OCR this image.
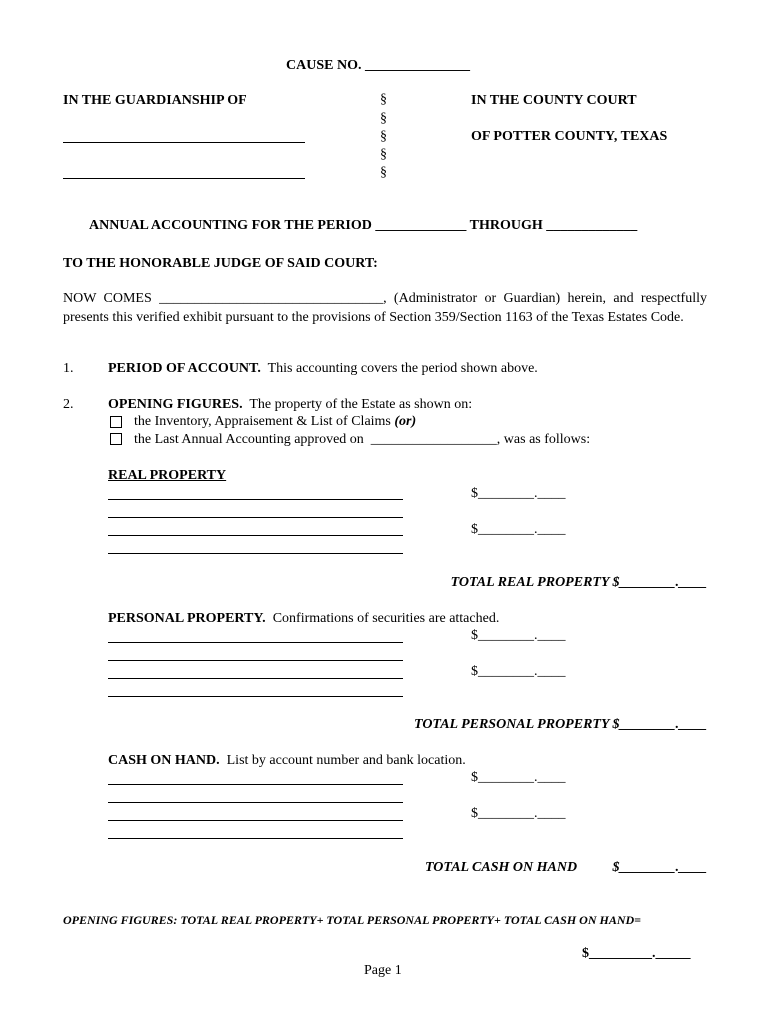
CAUSE NO. _______________
IN THE GUARDIANSHIP OF	§
§
§
§
§
IN THE COUNTY COURT
OF POTTER COUNTY, TEXAS
ANNUAL ACCOUNTING FOR THE PERIOD _____________ THROUGH _____________
TO THE HONORABLE JUDGE OF SAID COURT:
NOW COMES ________________________________, (Administrator or Guardian) herein, and respectfully presents this verified exhibit pursuant to the provisions of Section 359/Section 1163 of the Texas Estates Code.
1. PERIOD OF ACCOUNT. This accounting covers the period shown above.
2. OPENING FIGURES. The property of the Estate as shown on:
the Inventory, Appraisement & List of Claims (or)
the Last Annual Accounting approved on __________________, was as follows:
REAL PROPERTY
$________.____
$________.____
TOTAL REAL PROPERTY $________.____
PERSONAL PROPERTY. Confirmations of securities are attached.
$________.____
$________.____
TOTAL PERSONAL PROPERTY $________.____
CASH ON HAND. List by account number and bank location.
$________.____
$________.____
TOTAL CASH ON HAND	$________.____
OPENING FIGURES: TOTAL REAL PROPERTY+ TOTAL PERSONAL PROPERTY+ TOTAL CASH ON HAND=
$_________._____
Page 1
